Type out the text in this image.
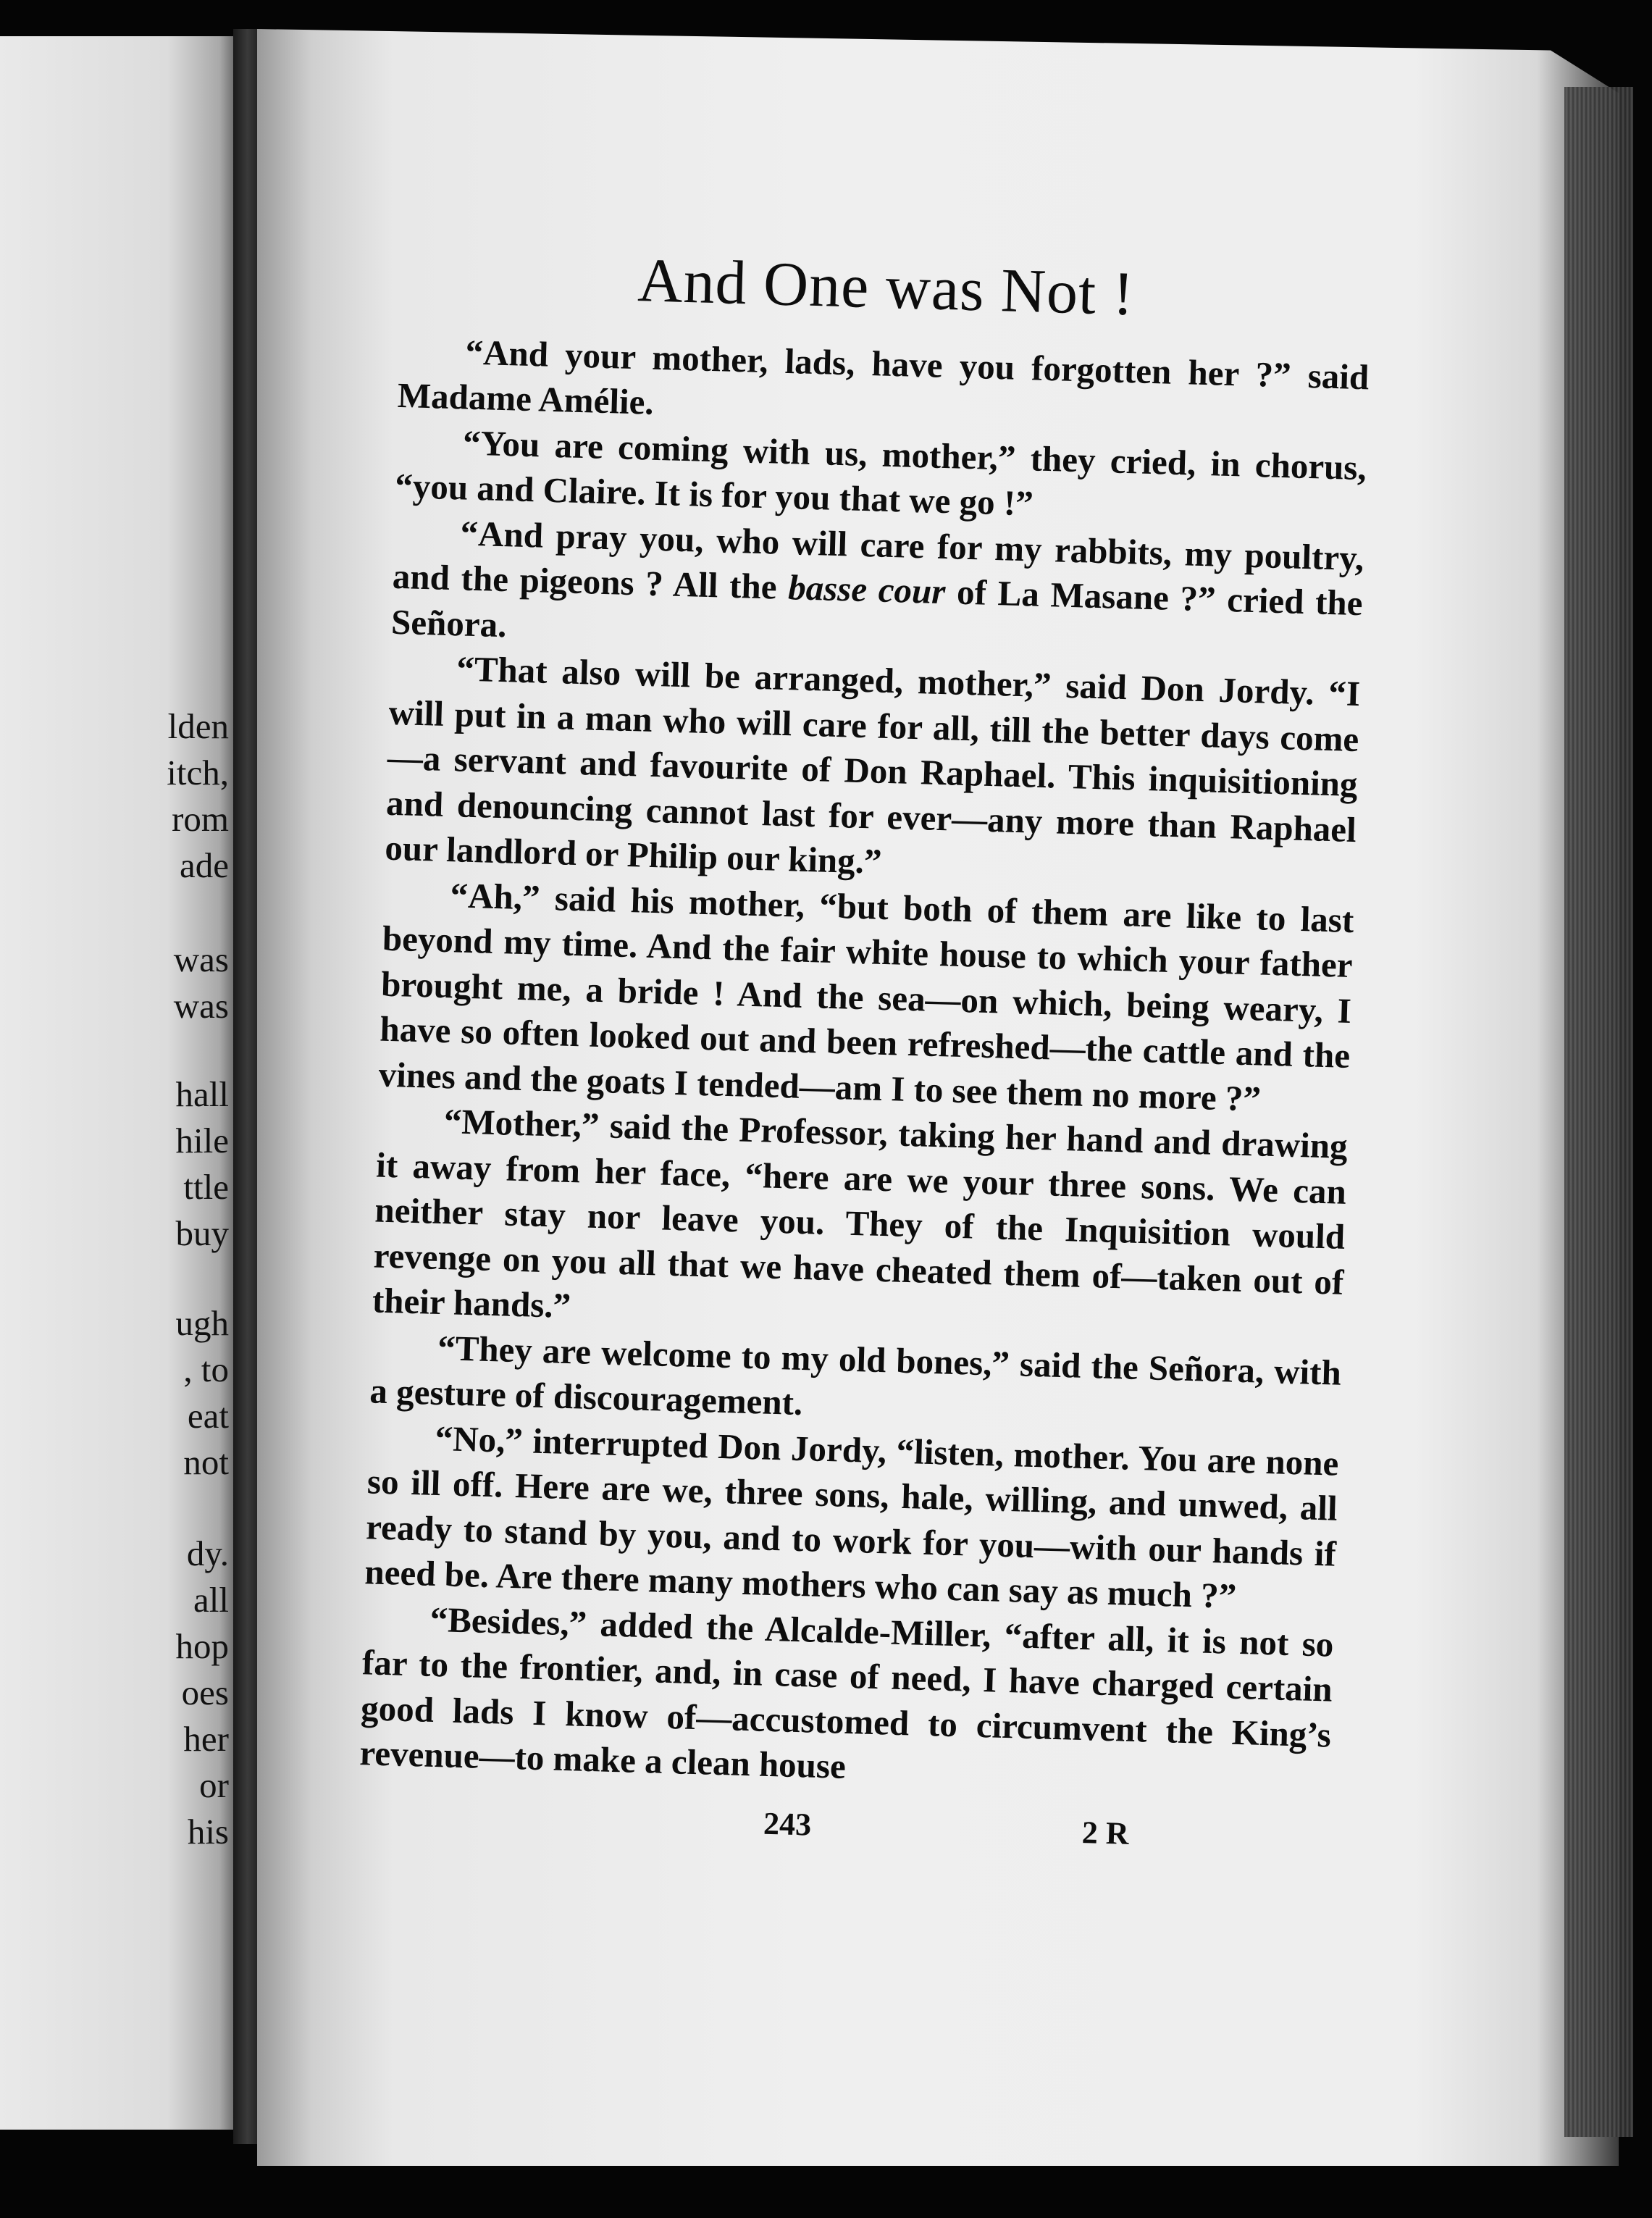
lden
itch,
rom
ade
was
was
hall
hile
ttle
buy
ugh
, to
eat
not
dy.
all
hop
oes
her
or
his
And One was Not !

“And your mother, lads, have you forgotten her ?” said Madame Amélie.

“You are coming with us, mother,” they cried, in chorus, “you and Claire. It is for you that we go !”

“And pray you, who will care for my rabbits, my poultry, and the pigeons ? All the basse cour of La Masane ?” cried the Señora.

“That also will be arranged, mother,” said Don Jordy. “I will put in a man who will care for all, till the better days come—a servant and favourite of Don Raphael. This inquisitioning and denouncing cannot last for ever—any more than Raphael our landlord or Philip our king.”

“Ah,” said his mother, “but both of them are like to last beyond my time. And the fair white house to which your father brought me, a bride ! And the sea—on which, being weary, I have so often looked out and been refreshed—the cattle and the vines and the goats I tended—am I to see them no more ?”

“Mother,” said the Professor, taking her hand and drawing it away from her face, “here are we your three sons. We can neither stay nor leave you. They of the Inquisition would revenge on you all that we have cheated them of—taken out of their hands.”

“They are welcome to my old bones,” said the Señora, with a gesture of discouragement.

“No,” interrupted Don Jordy, “listen, mother. You are none so ill off. Here are we, three sons, hale, willing, and unwed, all ready to stand by you, and to work for you—with our hands if need be. Are there many mothers who can say as much ?”

“Besides,” added the Alcalde-Miller, “after all, it is not so far to the frontier, and, in case of need, I have charged certain good lads I know of—accustomed to circumvent the King’s revenue—to make a clean house

243	2 R
